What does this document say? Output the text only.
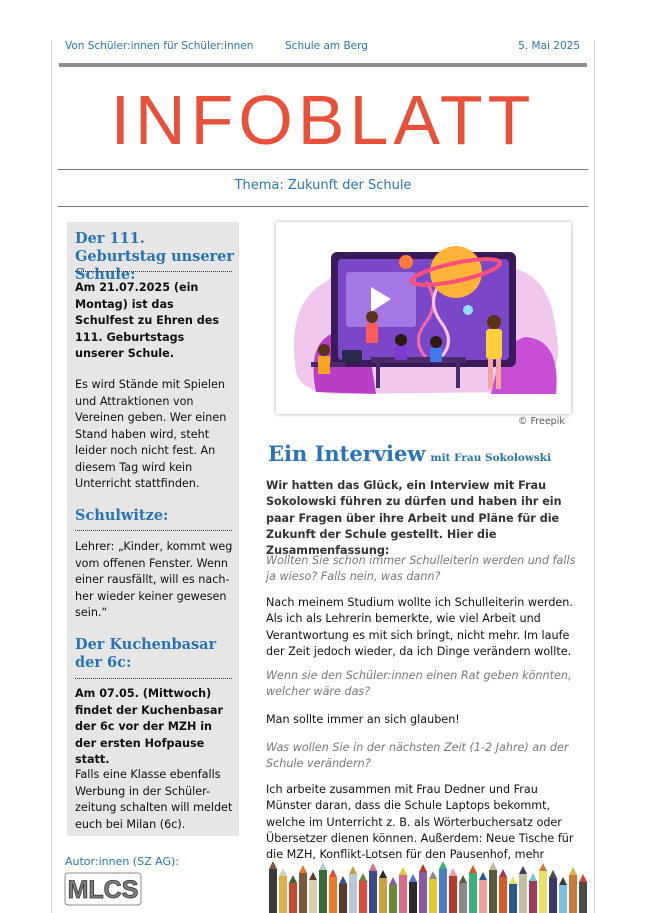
Von Schüler:innen für Schüler:innen	Schule am Berg	5. Mai 2025
INFOBLATT
Thema: Zukunft der Schule
Der 111. Geburtstag unserer Schule:

Am 21.07.2025 (ein Montag) ist das Schulfest zu Ehren des 111. Geburtstags unserer Schule.

Es wird Stände mit Spielen und Attraktionen von Vereinen geben. Wer einen Stand haben wird, steht leider noch nicht fest. An diesem Tag wird kein Unterricht stattfinden.

Schulwitze:

Lehrer: „Kinder, kommt weg vom offenen Fenster. Wenn einer rausfällt, will es nach-her wieder keiner gewesen sein.“

Der Kuchenbasar der 6c:

Am 07.05. (Mittwoch) findet der Kuchenbasar der 6c vor der MZH in der ersten Hofpause statt.

Falls eine Klasse ebenfalls Werbung in der Schüler-zeitung schalten will meldet euch bei Milan (6c).

Autor:innen (SZ AG):
MLCS
© Freepik
Ein Interview mit Frau Sokolowski

Wir hatten das Glück, ein Interview mit Frau Sokolowski führen zu dürfen und haben ihr ein paar Fragen über ihre Arbeit und Pläne für die Zukunft der Schule gestellt. Hier die Zusammenfassung:

Wollten Sie schon immer Schulleiterin werden und falls ja wieso? Falls nein, was dann?

Nach meinem Studium wollte ich Schulleiterin werden. Als ich als Lehrerin bemerkte, wie viel Arbeit und Verantwortung es mit sich bringt, nicht mehr. Im laufe der Zeit jedoch wieder, da ich Dinge verändern wollte.

Wenn sie den Schüler:innen einen Rat geben könnten, welcher wäre das?

Man sollte immer an sich glauben!

Was wollen Sie in der nächsten Zeit (1-2 Jahre) an der Schule verändern?

Ich arbeite zusammen mit Frau Dedner und Frau Münster daran, dass die Schule Laptops bekommt, welche im Unterricht z. B. als Wörterbuchersatz oder Übersetzer dienen können. Außerdem: Neue Tische für die MZH, Konflikt-Lotsen für den Pausenhof, mehr
